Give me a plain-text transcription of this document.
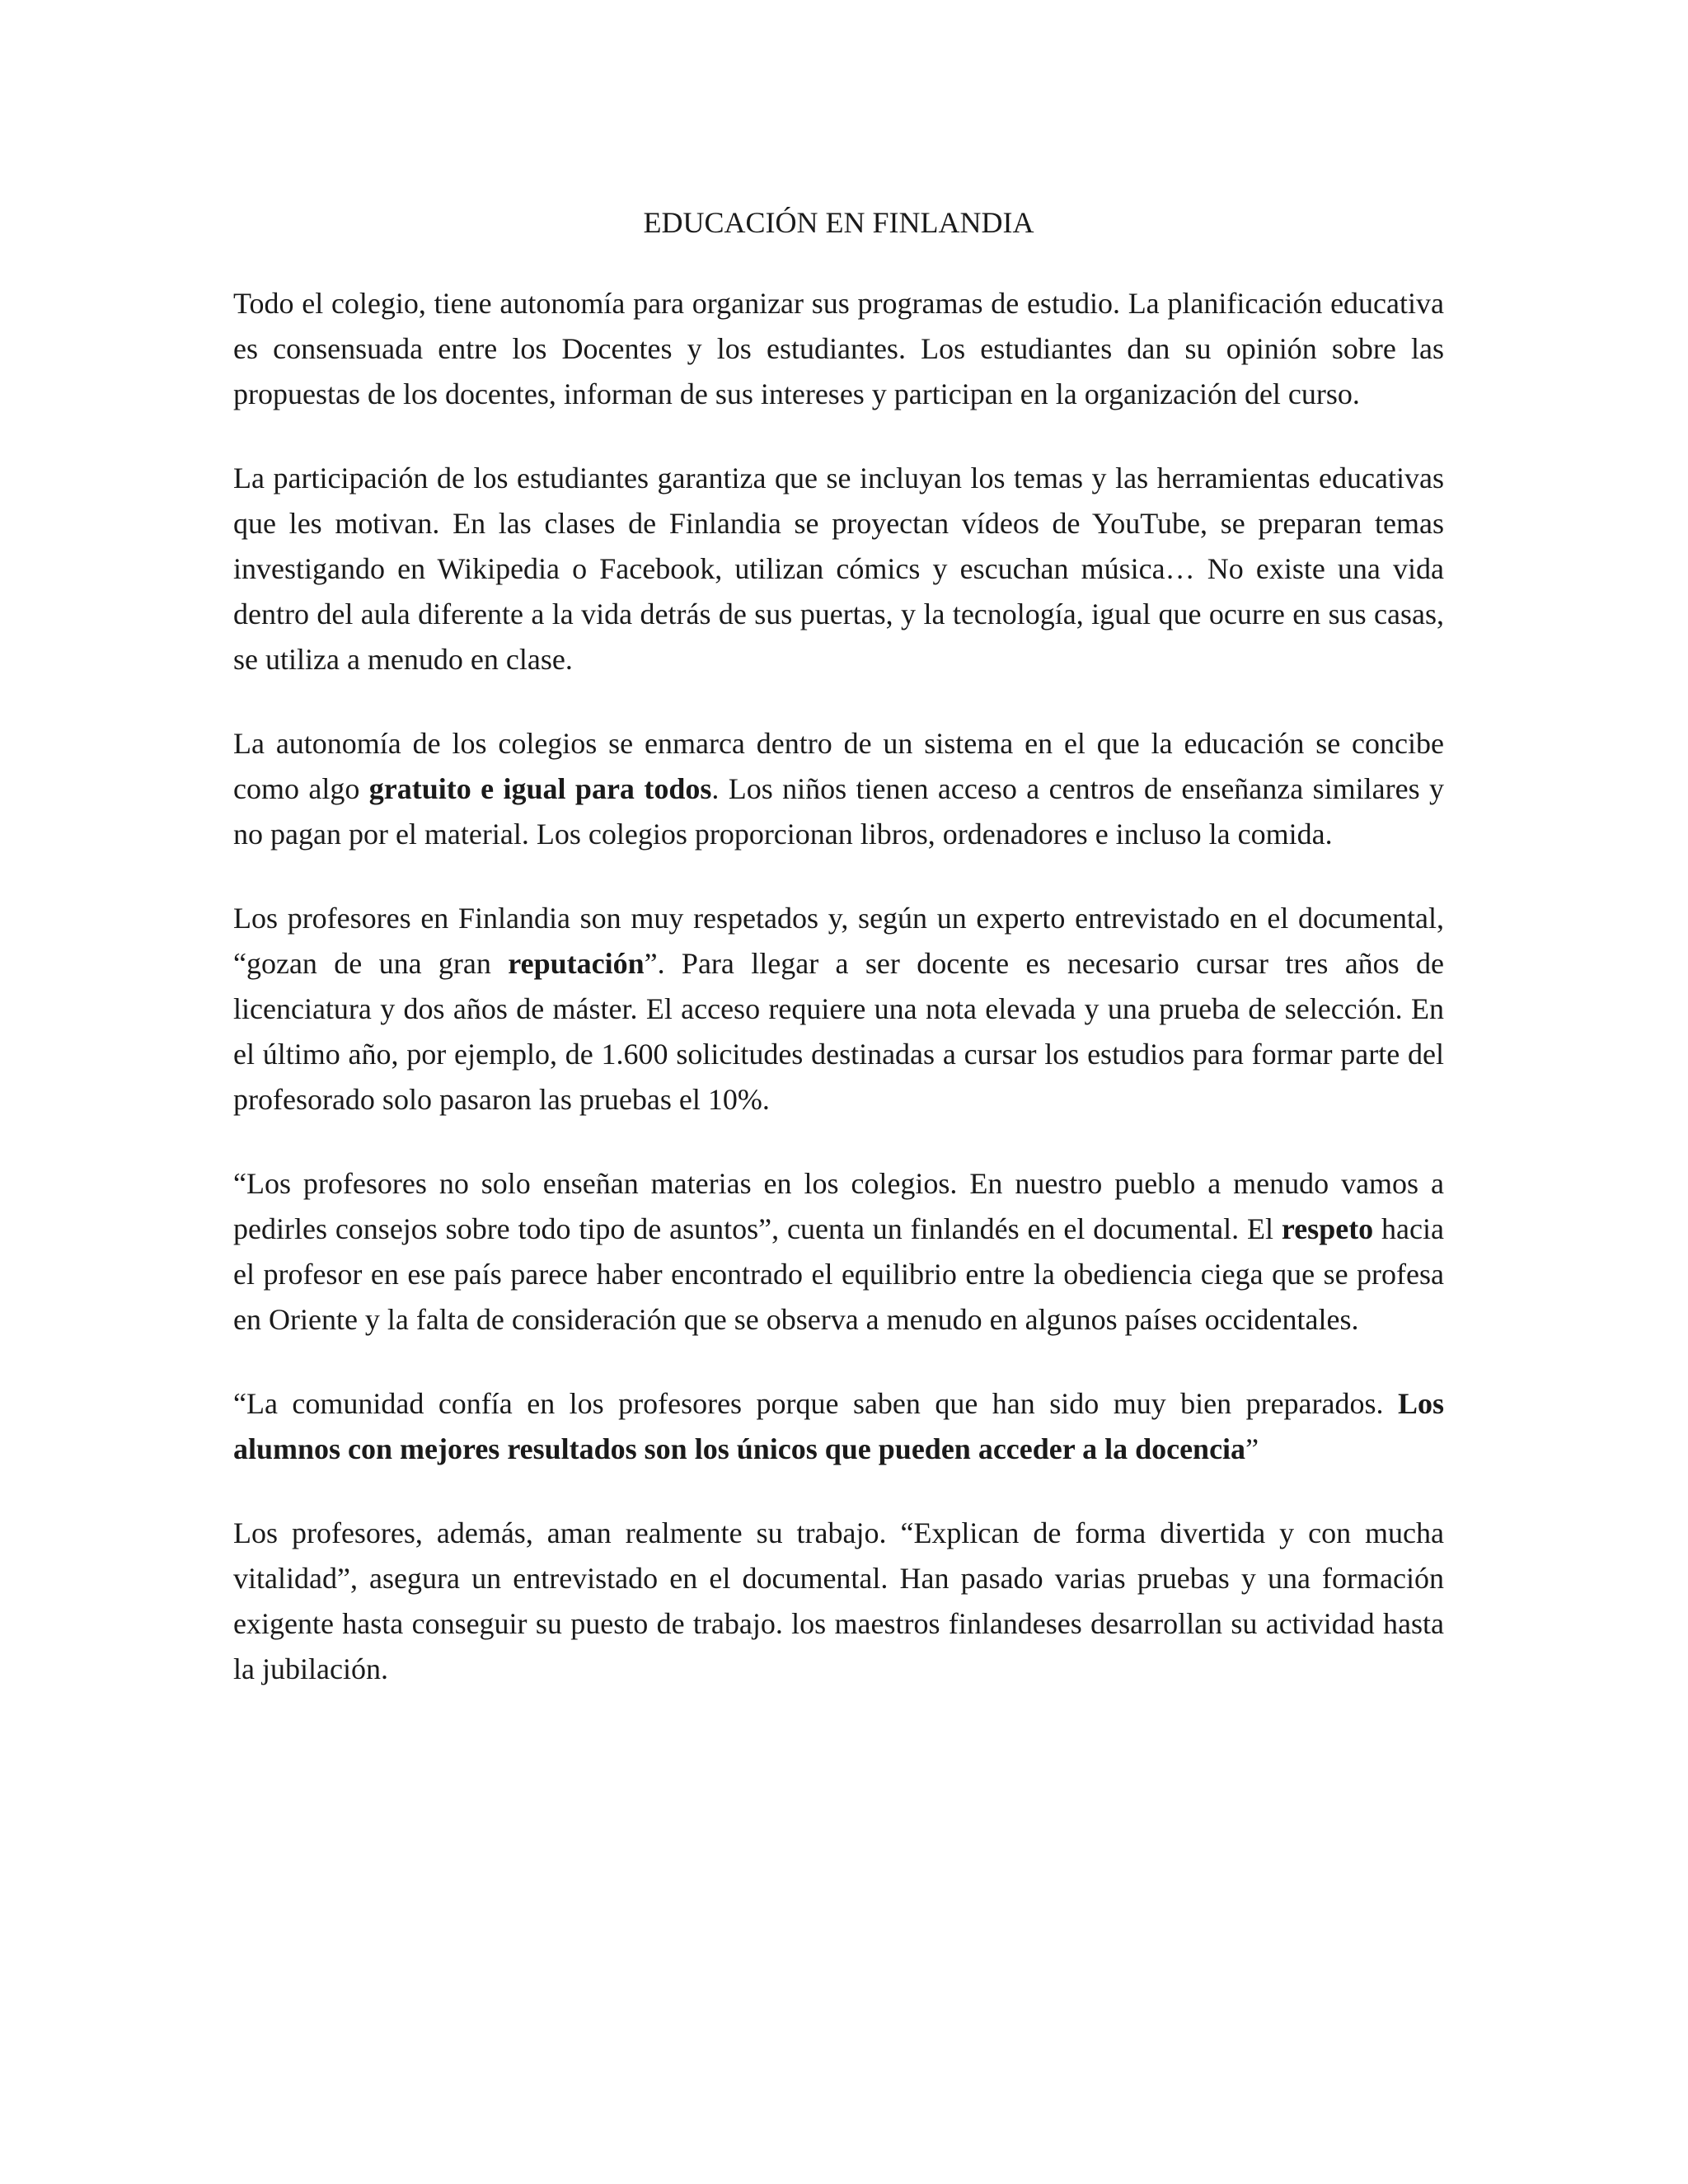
EDUCACIÓN EN FINLANDIA

Todo el colegio, tiene autonomía para organizar sus programas de estudio. La planificación educativa es consensuada entre los Docentes y los estudiantes. Los estudiantes dan su opinión sobre las propuestas de los docentes, informan de sus intereses y participan en la organización del curso.

La participación de los estudiantes garantiza que se incluyan los temas y las herramientas educativas que les motivan. En las clases de Finlandia se proyectan vídeos de YouTube, se preparan temas investigando en Wikipedia o Facebook, utilizan cómics y escuchan música… No existe una vida dentro del aula diferente a la vida detrás de sus puertas, y la tecnología, igual que ocurre en sus casas, se utiliza a menudo en clase.

La autonomía de los colegios se enmarca dentro de un sistema en el que la educación se concibe como algo gratuito e igual para todos. Los niños tienen acceso a centros de enseñanza similares y no pagan por el material. Los colegios proporcionan libros, ordenadores e incluso la comida.

Los profesores en Finlandia son muy respetados y, según un experto entrevistado en el documental, “gozan de una gran reputación”. Para llegar a ser docente es necesario cursar tres años de licenciatura y dos años de máster. El acceso requiere una nota elevada y una prueba de selección. En el último año, por ejemplo, de 1.600 solicitudes destinadas a cursar los estudios para formar parte del profesorado solo pasaron las pruebas el 10%.

“Los profesores no solo enseñan materias en los colegios. En nuestro pueblo a menudo vamos a pedirles consejos sobre todo tipo de asuntos”, cuenta un finlandés en el documental. El respeto hacia el profesor en ese país parece haber encontrado el equilibrio entre la obediencia ciega que se profesa en Oriente y la falta de consideración que se observa a menudo en algunos países occidentales.

“La comunidad confía en los profesores porque saben que han sido muy bien preparados. Los alumnos con mejores resultados son los únicos que pueden acceder a la docencia”

Los profesores, además, aman realmente su trabajo. “Explican de forma divertida y con mucha vitalidad”, asegura un entrevistado en el documental. Han pasado varias pruebas y una formación exigente hasta conseguir su puesto de trabajo. los maestros finlandeses desarrollan su actividad hasta la jubilación.
